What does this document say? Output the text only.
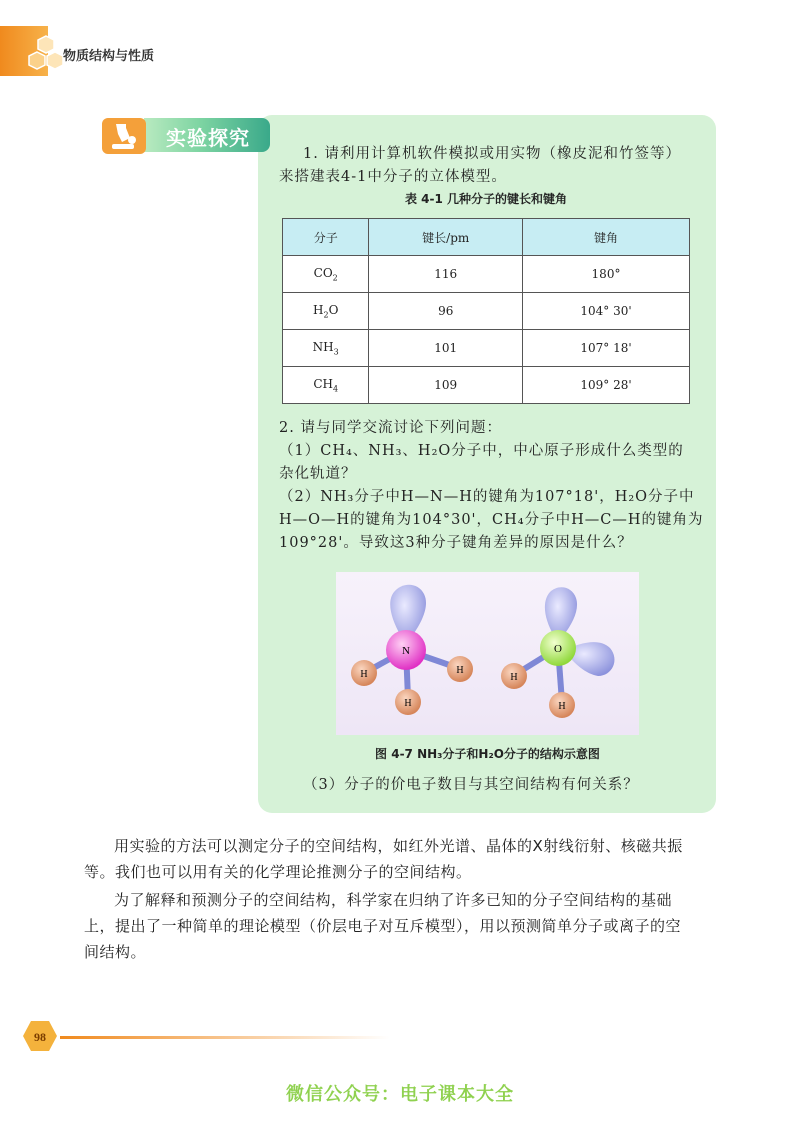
物质结构与性质
实验探究
1. 请利用计算机软件模拟或用实物（橡皮泥和竹签等）
来搭建表4-1中分子的立体模型。
表 4-1 几种分子的键长和键角
分子	键长/pm	键角
$CO_2$	116	180°
$H_2O$	96	104° 30'
$NH_3$	101	107° 18'
$CH_4$	109	109° 28'
2. 请与同学交流讨论下列问题：
（1）CH₄、NH₃、H₂O分子中，中心原子形成什么类型的
杂化轨道？
（2）NH₃分子中H—N—H的键角为107°18'，H₂O分子中
H—O—H的键角为104°30'，CH₄分子中H—C—H的键角为
109°28'。导致这3种分子键角差异的原因是什么？
N
H	H
H
O
H
H
图 4-7 NH₃分子和H₂O分子的结构示意图
（3）分子的价电子数目与其空间结构有何关系？
用实验的方法可以测定分子的空间结构，如红外光谱、晶体的X射线衍射、核磁共振
等。我们也可以用有关的化学理论推测分子的空间结构。
为了解释和预测分子的空间结构，科学家在归纳了许多已知的分子空间结构的基础
上，提出了一种简单的理论模型（价层电子对互斥模型），用以预测简单分子或离子的空
间结构。
98
微信公众号：电子课本大全
